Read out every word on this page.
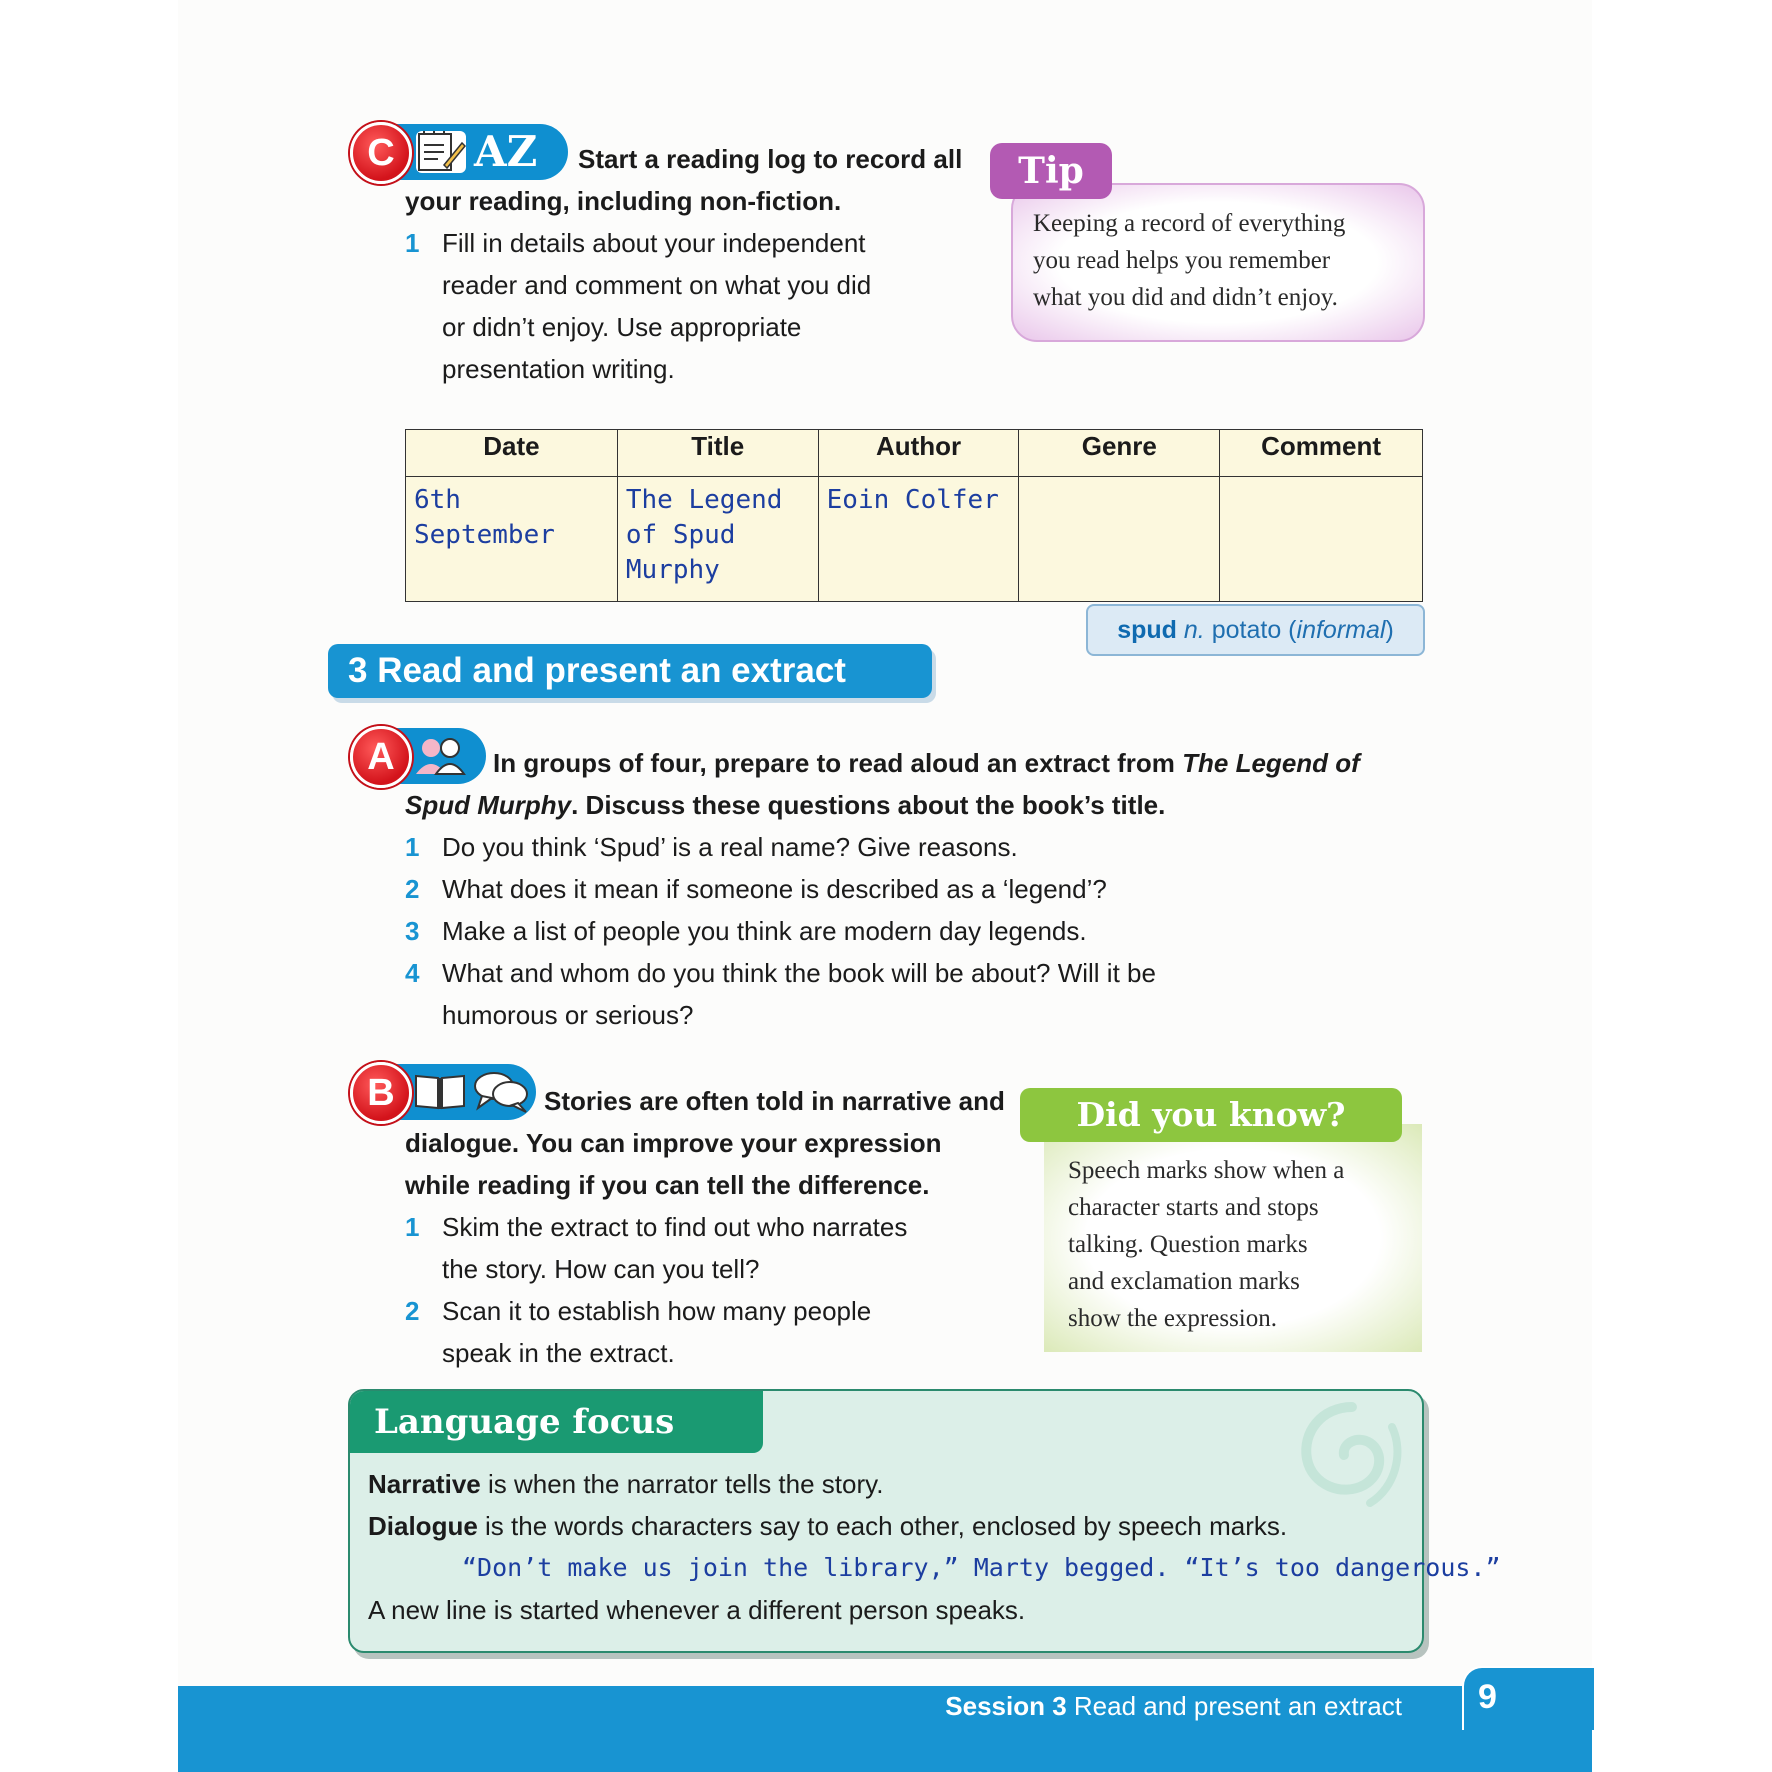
C	AZ Start a reading log to record all
your reading, including non-fiction.
1 Fill in details about your independent
reader and comment on what you did
or didn’t enjoy. Use appropriate
presentation writing.
Keeping a record of everything
you read helps you remember
what you did and didn’t enjoy.
Tip
Date	Title	Author	Genre	Comment
6th September	The Legend
of Spud
Murphy	Eoin Colfer		
spud n. potato (informal)
3 Read and present an extract
A	In groups of four, prepare to read aloud an extract from The Legend of Spud Murphy. Discuss these questions about the book’s title.
1 Do you think ‘Spud’ is a real name? Give reasons.
2 What does it mean if someone is described as a ‘legend’?
3 Make a list of people you think are modern day legends.
4 What and whom do you think the book will be about? Will it be
humorous or serious?
B	Stories are often told in narrative and
dialogue. You can improve your expression
while reading if you can tell the difference.
1 Skim the extract to find out who narrates
the story. How can you tell?
2 Scan it to establish how many people
speak in the extract.
Speech marks show when a
character starts and stops
talking. Question marks
and exclamation marks
show the expression.
Did you know?
Language focus
Narrative is when the narrator tells the story.
Dialogue is the words characters say to each other, enclosed by speech marks.
“Don’t make us join the library,” Marty begged. “It’s too dangerous.”
A new line is started whenever a different person speaks.
Session 3 Read and present an extract 9
